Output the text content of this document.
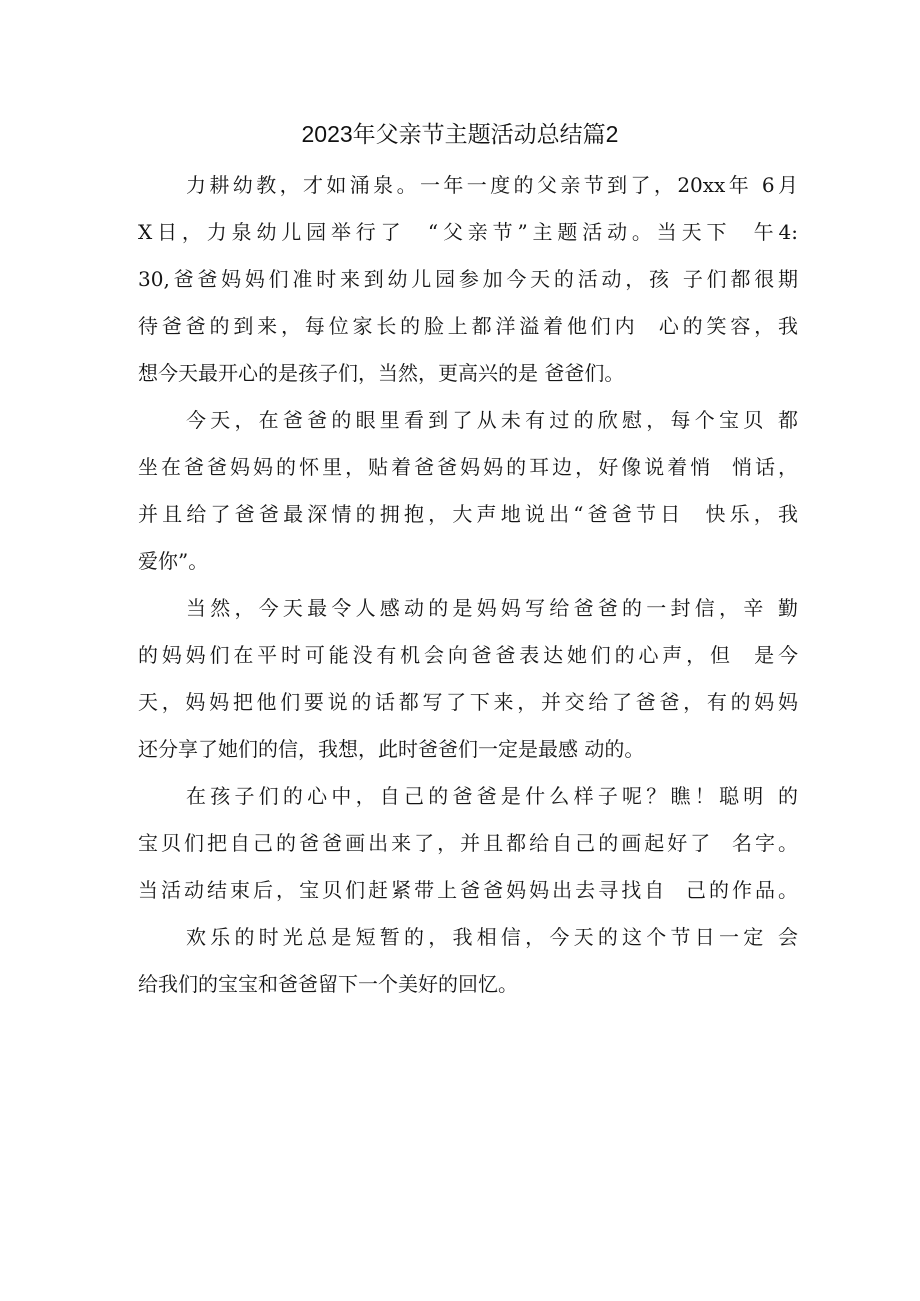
2023年父亲节主题活动总结篇2
力耕幼教，才如涌泉。一年一度的父亲节到了，20xx年 6月
X日，力泉幼儿园举行了  “父亲节”主题活动。当天下  午4:
30,爸爸妈妈们准时来到幼儿园参加今天的活动，孩 子们都很期
待爸爸的到来，每位家长的脸上都洋溢着他们内  心的笑容，我
想今天最开心的是孩子们，当然，更高兴的是 爸爸们。
今天，在爸爸的眼里看到了从未有过的欣慰，每个宝贝 都
坐在爸爸妈妈的怀里，贴着爸爸妈妈的耳边，好像说着悄  悄话，
并且给了爸爸最深情的拥抱，大声地说出“爸爸节日  快乐，我
爱你”。
当然，今天最令人感动的是妈妈写给爸爸的一封信，辛 勤
的妈妈们在平时可能没有机会向爸爸表达她们的心声，但  是今
天，妈妈把他们要说的话都写了下来，并交给了爸爸，有的妈妈
还分享了她们的信，我想，此时爸爸们一定是最感 动的。
在孩子们的心中，自己的爸爸是什么样子呢？瞧！聪明 的
宝贝们把自己的爸爸画出来了，并且都给自己的画起好了  名字。
当活动结束后，宝贝们赶紧带上爸爸妈妈出去寻找自  己的作品。
欢乐的时光总是短暂的，我相信，今天的这个节日一定 会
给我们的宝宝和爸爸留下一个美好的回忆。
